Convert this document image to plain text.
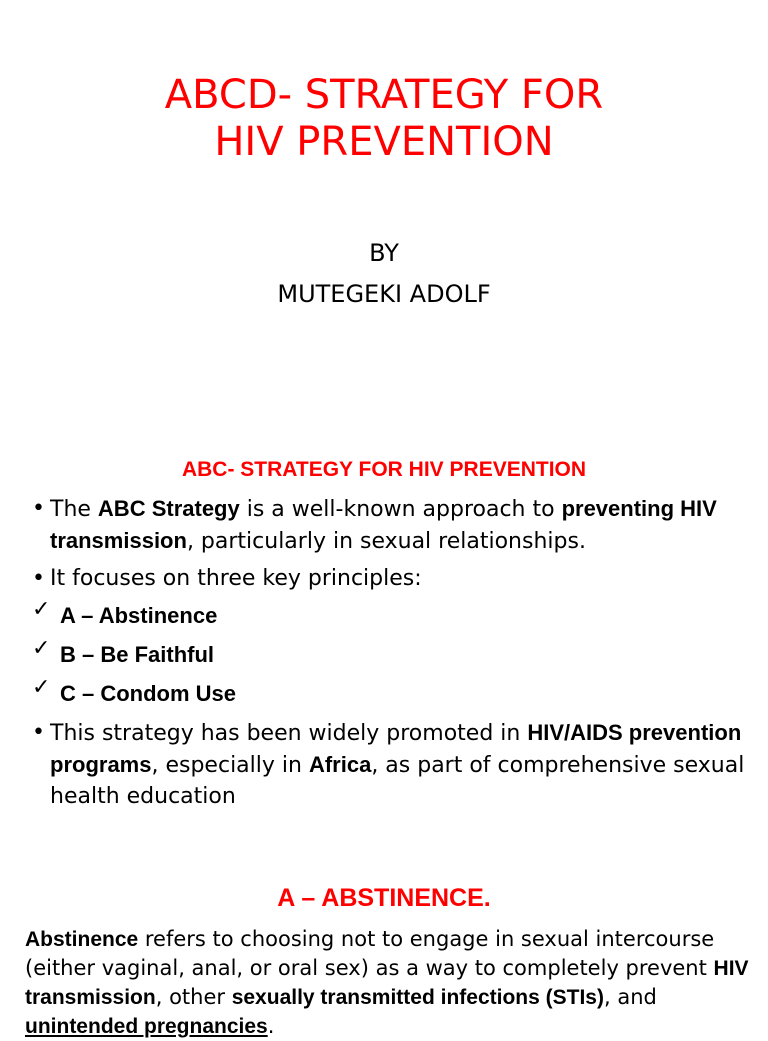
ABCD- STRATEGY FOR
HIV PREVENTION
BY
MUTEGEKI ADOLF
ABC- STRATEGY FOR HIV PREVENTION
• The ABC Strategy is a well-known approach to preventing HIV transmission, particularly in sexual relationships.
• It focuses on three key principles:
✓ A – Abstinence
✓ B – Be Faithful
✓ C – Condom Use
• This strategy has been widely promoted in HIV/AIDS prevention programs, especially in Africa, as part of comprehensive sexual health education
A – ABSTINENCE.
Abstinence refers to choosing not to engage in sexual intercourse (either vaginal, anal, or oral sex) as a way to completely prevent HIV transmission, other sexually transmitted infections (STIs), and unintended pregnancies.
